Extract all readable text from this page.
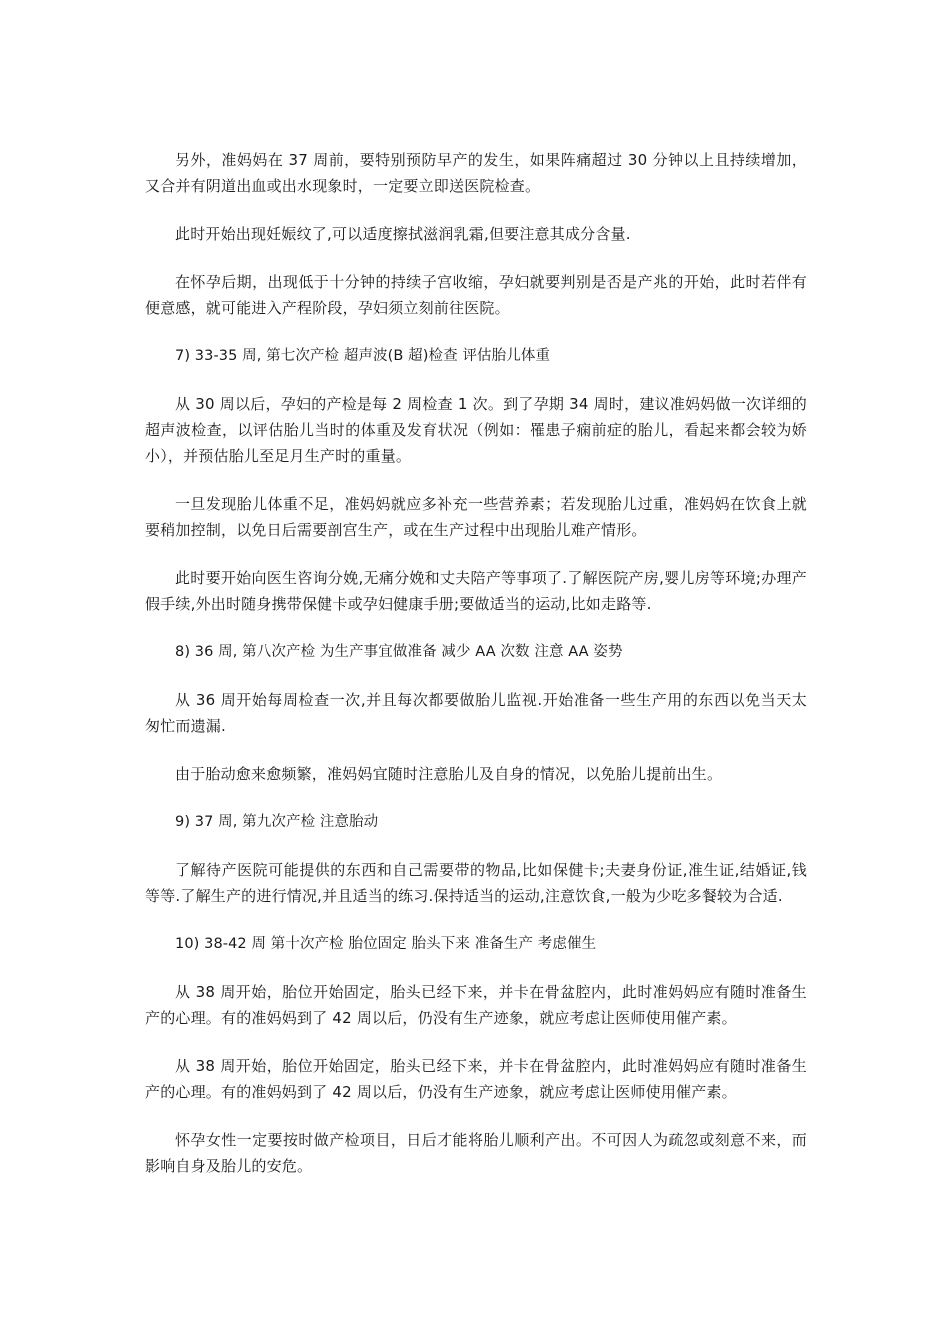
另外，准妈妈在 37 周前，要特别预防早产的发生，如果阵痛超过 30 分钟以上且持续增加，又合并有阴道出血或出水现象时，一定要立即送医院检查。

此时开始出现妊娠纹了,可以适度擦拭滋润乳霜,但要注意其成分含量.

在怀孕后期，出现低于十分钟的持续子宫收缩，孕妇就要判别是否是产兆的开始，此时若伴有便意感，就可能进入产程阶段，孕妇须立刻前往医院。

7) 33-35 周, 第七次产检 超声波(B 超)检查 评估胎儿体重

从 30 周以后，孕妇的产检是每 2 周检查 1 次。到了孕期 34 周时，建议准妈妈做一次详细的超声波检查，以评估胎儿当时的体重及发育状况（例如：罹患子痫前症的胎儿，看起来都会较为娇小），并预估胎儿至足月生产时的重量。

一旦发现胎儿体重不足，准妈妈就应多补充一些营养素；若发现胎儿过重，准妈妈在饮食上就要稍加控制，以免日后需要剖宫生产，或在生产过程中出现胎儿难产情形。

此时要开始向医生咨询分娩,无痛分娩和丈夫陪产等事项了.了解医院产房,婴儿房等环境;办理产假手续,外出时随身携带保健卡或孕妇健康手册;要做适当的运动,比如走路等.

8) 36 周, 第八次产检 为生产事宜做准备 减少 AA 次数 注意 AA 姿势

从 36 周开始每周检查一次,并且每次都要做胎儿监视.开始准备一些生产用的东西以免当天太匆忙而遗漏.

由于胎动愈来愈频繁，准妈妈宜随时注意胎儿及自身的情况，以免胎儿提前出生。

9) 37 周, 第九次产检 注意胎动

了解待产医院可能提供的东西和自己需要带的物品,比如保健卡;夫妻身份证,准生证,结婚证,钱等等.了解生产的进行情况,并且适当的练习.保持适当的运动,注意饮食,一般为少吃多餐较为合适.

10) 38-42 周 第十次产检 胎位固定 胎头下来 准备生产 考虑催生

从 38 周开始，胎位开始固定，胎头已经下来，并卡在骨盆腔内，此时准妈妈应有随时准备生产的心理。有的准妈妈到了 42 周以后，仍没有生产迹象，就应考虑让医师使用催产素。

从 38 周开始，胎位开始固定，胎头已经下来，并卡在骨盆腔内，此时准妈妈应有随时准备生产的心理。有的准妈妈到了 42 周以后，仍没有生产迹象，就应考虑让医师使用催产素。

怀孕女性一定要按时做产检项目，日后才能将胎儿顺利产出。不可因人为疏忽或刻意不来，而影响自身及胎儿的安危。
